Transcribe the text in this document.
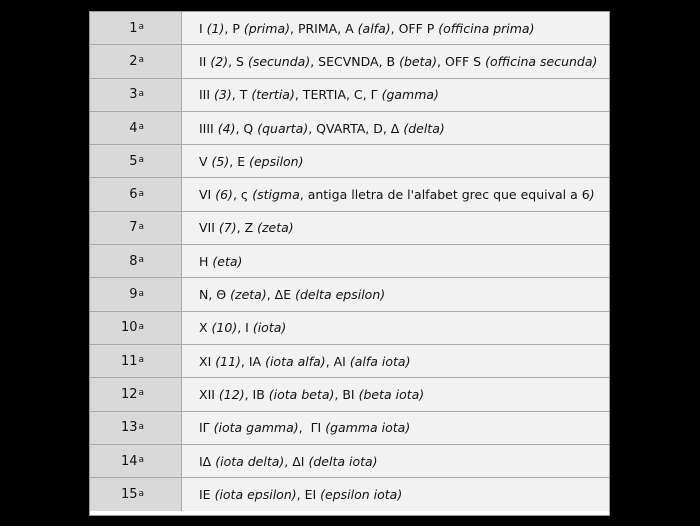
1$^a$	I (1), P (prima), PRIMA, A (alfa), OFF P (officina prima)
2$^a$	II (2), S (secunda), SECVNDA, B (beta), OFF S (officina secunda)
3$^a$	III (3), T (tertia), TERTIA, C, Γ (gamma)
4$^a$	IIII (4), Q (quarta), QVARTA, D, Δ (delta)
5$^a$	V (5), E (epsilon)
6$^a$	VI (6), ς (stigma, antiga lletra de l'alfabet grec que equival a 6)
7$^a$	VII (7), Z (zeta)
8$^a$	H (eta)
9$^a$	N, Θ (zeta), ΔE (delta epsilon)
10$^a$	X (10), I (iota)
11$^a$	XI (11), IA (iota alfa), AI (alfa iota)
12$^a$	XII (12), IB (iota beta), BI (beta iota)
13$^a$	IΓ (iota gamma),  ΓI (gamma iota)
14$^a$	IΔ (iota delta), ΔI (delta iota)
15$^a$	IE (iota epsilon), EI (epsilon iota)
